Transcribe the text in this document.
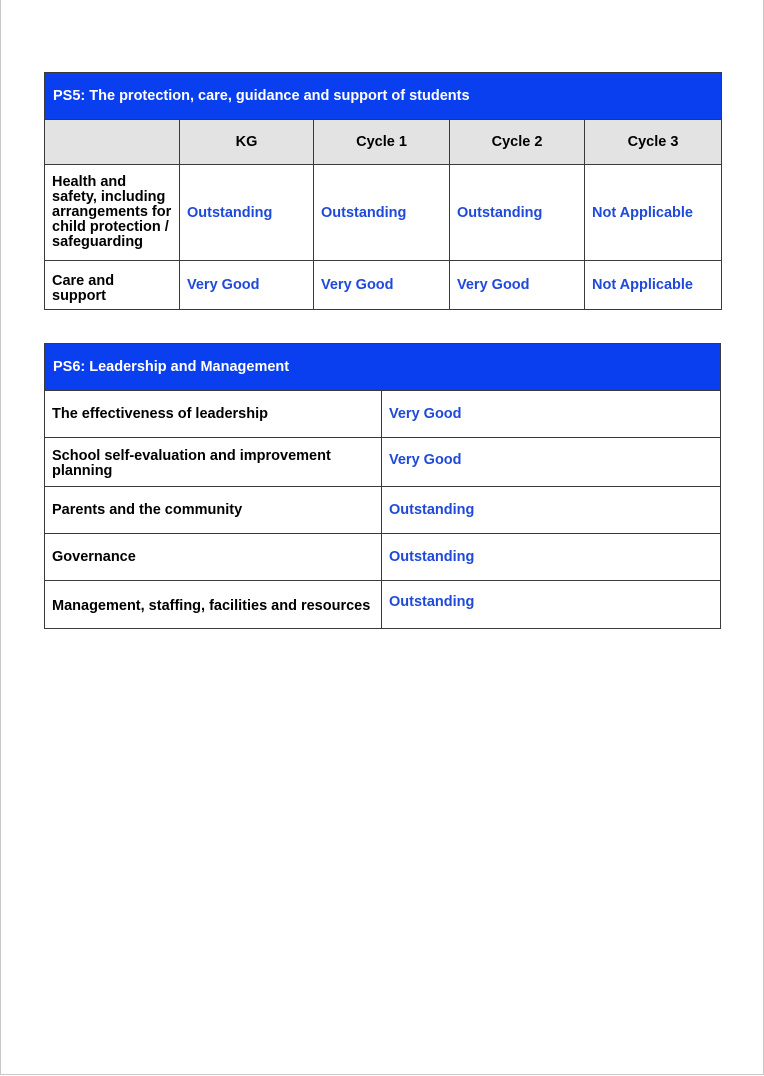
PS5: The protection, care, guidance and support of students				
	KG	Cycle 1	Cycle 2	Cycle 3
Health and safety, including arrangements for child protection / safeguarding	Outstanding	Outstanding	Outstanding	Not Applicable
Care and support	Very Good	Very Good	Very Good	Not Applicable
PS6: Leadership and Management	
The effectiveness of leadership	Very Good
School self-evaluation and improvement planning	Very Good
Parents and the community	Outstanding
Governance	Outstanding
Management, staffing, facilities and resources	Outstanding
